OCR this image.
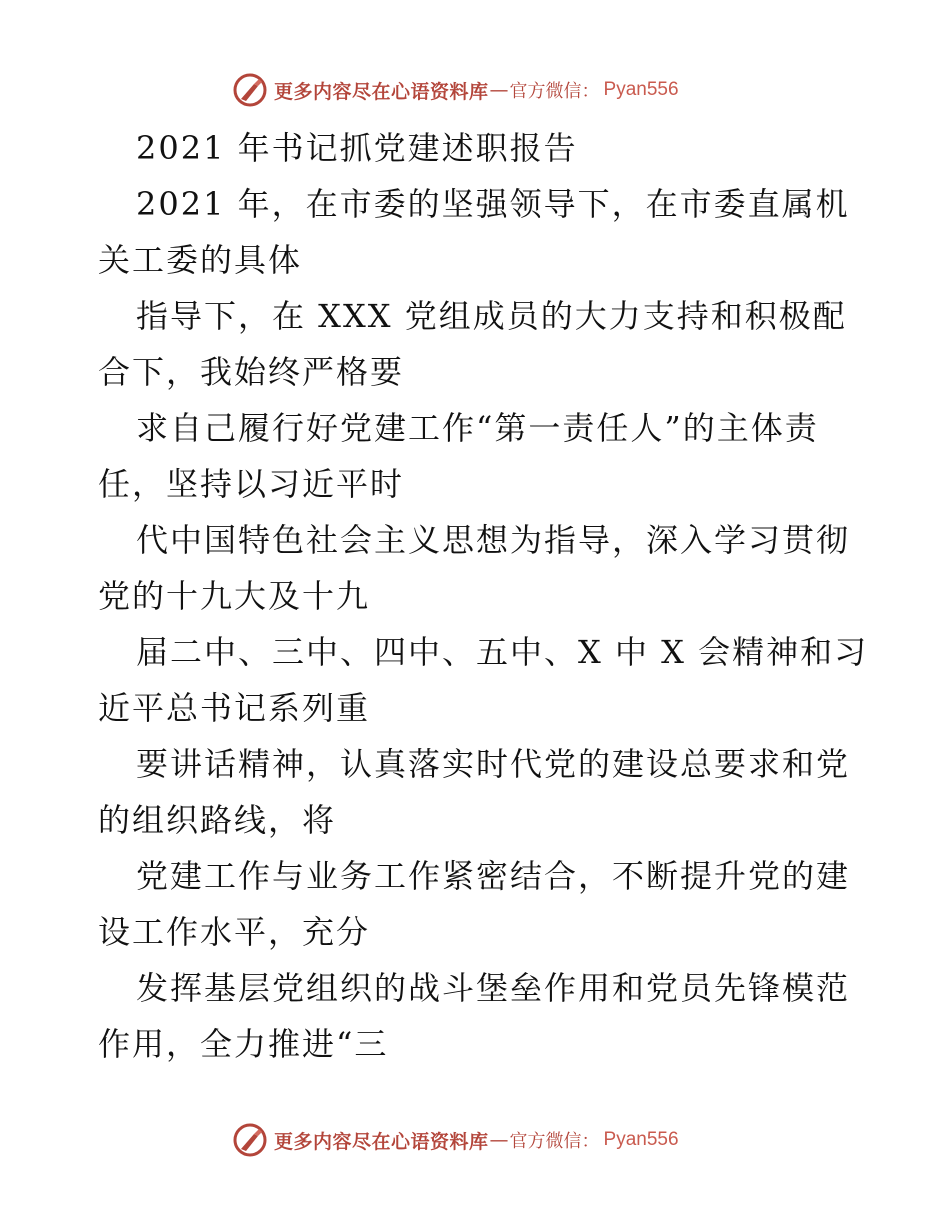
更多内容尽在心语资料库 — 官方微信： Pyan556
2021 年书记抓党建述职报告
2021 年，在市委的坚强领导下，在市委直属机
关工委的具体
指导下，在 XXX 党组成员的大力支持和积极配
合下，我始终严格要
求自己履行好党建工作“第一责任人”的主体责
任，坚持以习近平时
代中国特色社会主义思想为指导，深入学习贯彻
党的十九大及十九
届二中、三中、四中、五中、X 中 X 会精神和习
近平总书记系列重
要讲话精神，认真落实时代党的建设总要求和党
的组织路线，将
党建工作与业务工作紧密结合，不断提升党的建
设工作水平，充分
发挥基层党组织的战斗堡垒作用和党员先锋模范
作用，全力推进“三
更多内容尽在心语资料库 — 官方微信： Pyan556
